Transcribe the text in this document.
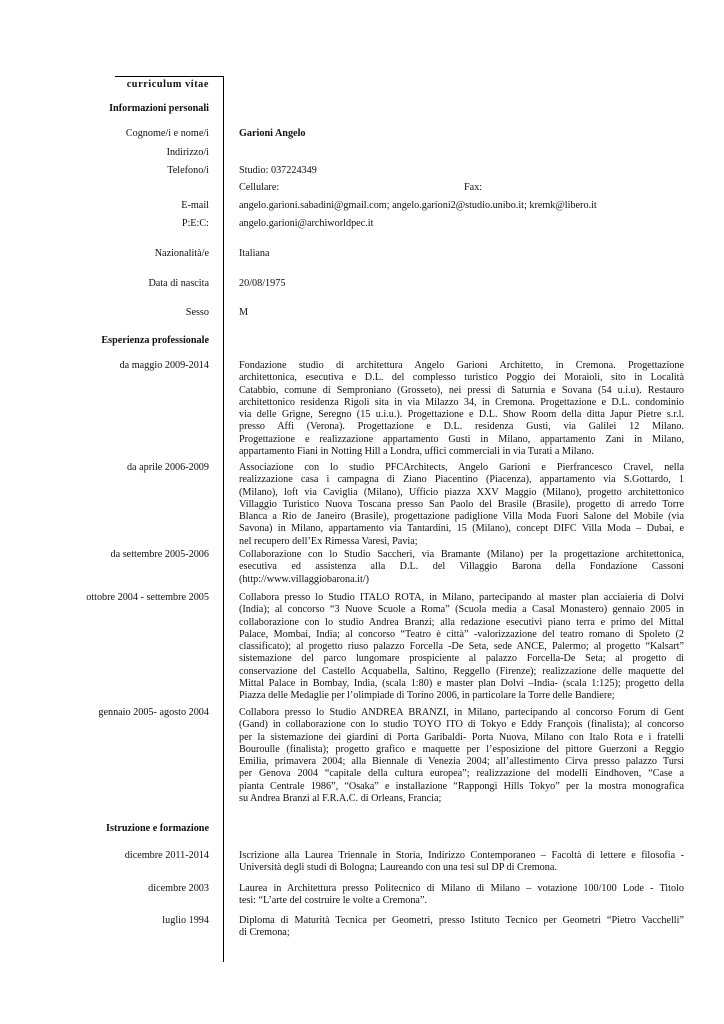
curriculum vitae
Informazioni personali
Cognome/i e nome/i	Garioni Angelo
Indirizzo/i
Telefono/i	Studio: 037224349
Cellulare:	Fax:
E-mail	angelo.garioni.sabadini@gmail.com; angelo.garioni2@studio.unibo.it; kremk@libero.it
P:E:C:	angelo.garioni@archiworldpec.it
Nazionalità/e	Italiana
Data di nascita	20/08/1975
Sesso	M
Esperienza professionale
da maggio 2009-2014	Fondazione studio di architettura Angelo Garioni Architetto, in Cremona. Progettazione
architettonica, esecutiva e D.L. del complesso turistico Poggio dei Moraioli, sito in Località
Catabbio, comune di Semproniano (Grosseto), nei pressi di Saturnia e Sovana (54 u.i.u). Restauro
architettonico residenza Rigoli sita in via Milazzo 34, in Cremona. Progettazione e D.L. condominio
via delle Grigne, Seregno (15 u.i.u.). Progettazione e D.L. Show Room della ditta Japur Pietre s.r.l.
presso Affi (Verona). Progettazione e D.L. residenza Gusti, via Galilei 12 Milano.
Progettazione e realizzazione appartamento Gusti in Milano, appartamento Zani in Milano,
appartamento Fiani in Notting Hill a Londra, uffici commerciali in via Turati a Milano.
da aprile 2006-2009	Associazione con lo studio PFCArchitects, Angelo Garioni e Pierfrancesco Cravel, nella
realizzazione casa i campagna di Ziano Piacentino (Piacenza), appartamento via S.Gottardo, 1
(Milano), loft via Caviglia (Milano), Ufficio piazza XXV Maggio (Milano), progetto architettonico
Villaggio Turistico Nuova Toscana presso San Paolo del Brasile (Brasile), progetto di arredo Torre
Blanca a Rio de Janeiro (Brasile), progettazione padiglione Villa Moda Fuori Salone del Mobile (via
Savona) in Milano, appartamento via Tantardini, 15 (Milano), concept DIFC Villa Moda – Dubai, e
nel recupero dell’Ex Rimessa Varesi, Pavia;
da settembre 2005-2006	Collaborazione con lo Studio Saccheri, via Bramante (Milano) per la progettazione architettonica,
esecutiva ed assistenza alla D.L. del Villaggio Barona della Fondazione Cassoni
(http://www.villaggiobarona.it/)
ottobre 2004 - settembre 2005	Collabora presso lo Studio ITALO ROTA, in Milano, partecipando al master plan acciaieria di Dolvi
(India); al concorso “3 Nuove Scuole a Roma” (Scuola media a Casal Monastero) gennaio 2005 in
collaborazione con lo studio Andrea Branzi; alla redazione esecutivi piano terra e primo del Mittal
Palace, Mombai, India; al concorso “Teatro è città” -valorizzazione del teatro romano di Spoleto (2
classificato); al progetto riuso palazzo Forcella -De Seta, sede ANCE, Palermo; al progetto “Kalsart”
sistemazione del parco lungomare prospiciente al palazzo Forcella-De Seta; al progetto di
conservazione del Castello Acquabella, Saltino, Reggello (Firenze); realizzazione delle maquette del
Mittal Palace in Bombay, India, (scala 1:80) e master plan Dolvi –India- (scala 1:125); progetto della
Piazza delle Medaglie per l’olimpiade di Torino 2006, in particolare la Torre delle Bandiere;
gennaio 2005- agosto 2004	Collabora presso lo Studio ANDREA BRANZI, in Milano, partecipando al concorso Forum di Gent
(Gand) in collaborazione con lo studio TOYO ITO di Tokyo e Eddy François (finalista); al concorso
per la sistemazione dei giardini di Porta Garibaldi- Porta Nuova, Milano con Italo Rota e i fratelli
Bouroulle (finalista); progetto grafico e maquette per l’esposizione del pittore Guerzoni a Reggio
Emilia, primavera 2004; alla Biennale di Venezia 2004; all’allestimento Cirva presso palazzo Tursi
per Genova 2004 “capitale della cultura europea”; realizzazione del modelli Eindhoven, “Case a
pianta Centrale 1986”, “Osaka” e installazione “Rappongi Hills Tokyo” per la mostra monografica
su Andrea Branzi al F.R.A.C. di Orleans, Francia;
Istruzione e formazione
dicembre 2011-2014	Iscrizione alla Laurea Triennale in Storia, Indirizzo Contemporaneo – Facoltà di lettere e filosofia -
Università degli studi di Bologna; Laureando con una tesi sul DP di Cremona.
dicembre 2003	Laurea in Architettura presso Politecnico di Milano di Milano – votazione 100/100 Lode - Titolo
tesi: “L’arte del costruire le volte a Cremona”.
luglio 1994	Diploma di Maturità Tecnica per Geometri, presso Istituto Tecnico per Geometri “Pietro Vacchelli”
di Cremona;
